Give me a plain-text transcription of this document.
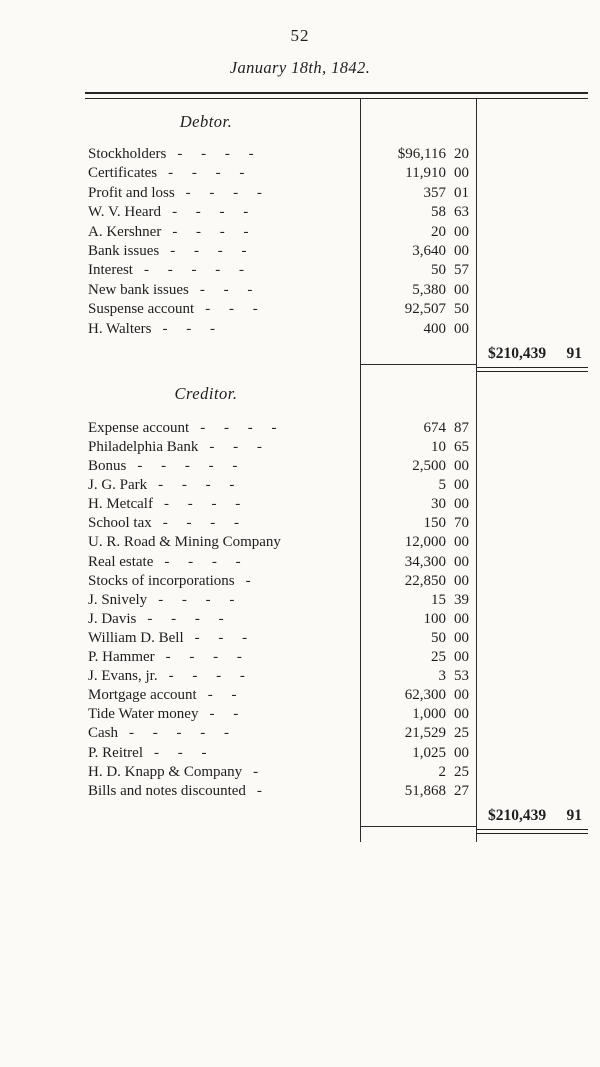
52
January 18th, 1842.
Debtor.
Stockholders - - - -	$96,116 20
Certificates - - - -	11,910 00
Profit and loss - - - -	357 01
W. V. Heard - - - -	58 63
A. Kershner - - - -	20 00
Bank issues - - - -	3,640 00
Interest - - - - -	50 57
New bank issues - - -	5,380 00
Suspense account - - -	92,507 50
H. Walters - - -	400 00
$210,439 91
Creditor.
Expense account - - - -	674 87
Philadelphia Bank - - -	10 65
Bonus - - - - -	2,500 00
J. G. Park - - - -	5 00
H. Metcalf - - - -	30 00
School tax - - - -	150 70
U. R. Road & Mining Company	12,000 00
Real estate - - - -	34,300 00
Stocks of incorporations -	22,850 00
J. Snively - - - -	15 39
J. Davis - - - -	100 00
William D. Bell - - -	50 00
P. Hammer - - - -	25 00
J. Evans, jr. - - - -	3 53
Mortgage account - -	62,300 00
Tide Water money - -	1,000 00
Cash - - - - -	21,529 25
P. Reitrel - - -	1,025 00
H. D. Knapp & Company -	2 25
Bills and notes discounted -	51,868 27
$210,439 91
